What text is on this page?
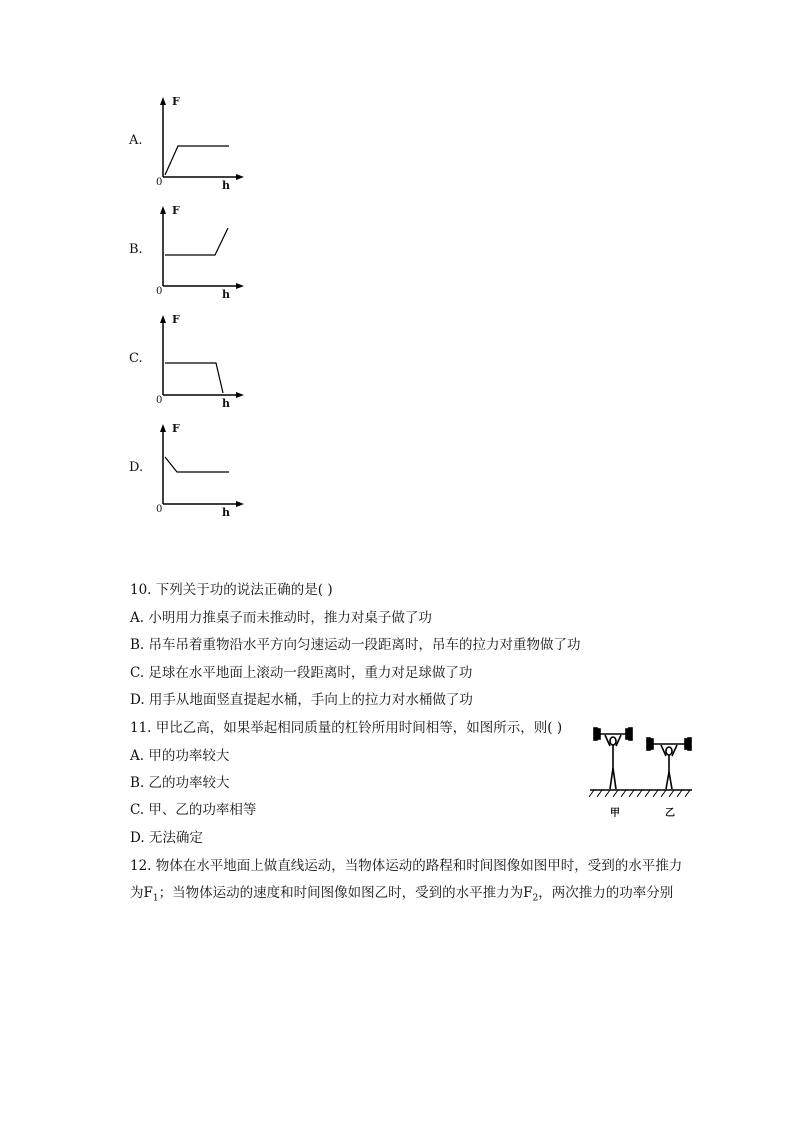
A.
F
0	h
B.
F
0	h
C.
F
0	h
D.
F
0	h
10. 下列关于功的说法正确的是( )
A. 小明用力推桌子而未推动时，推力对桌子做了功
B. 吊车吊着重物沿水平方向匀速运动一段距离时，吊车的拉力对重物做了功
C. 足球在水平地面上滚动一段距离时，重力对足球做了功
D. 用手从地面竖直提起水桶，手向上的拉力对水桶做了功
11. 甲比乙高，如果举起相同质量的杠铃所用时间相等，如图所示，则( )
A. 甲的功率较大
B. 乙的功率较大
C. 甲、乙的功率相等
D. 无法确定
甲	乙
12. 物体在水平地面上做直线运动，当物体运动的路程和时间图像如图甲时，受到的水平推力
为$F_1$；当物体运动的速度和时间图像如图乙时，受到的水平推力为$F_2$，两次推力的功率分别
